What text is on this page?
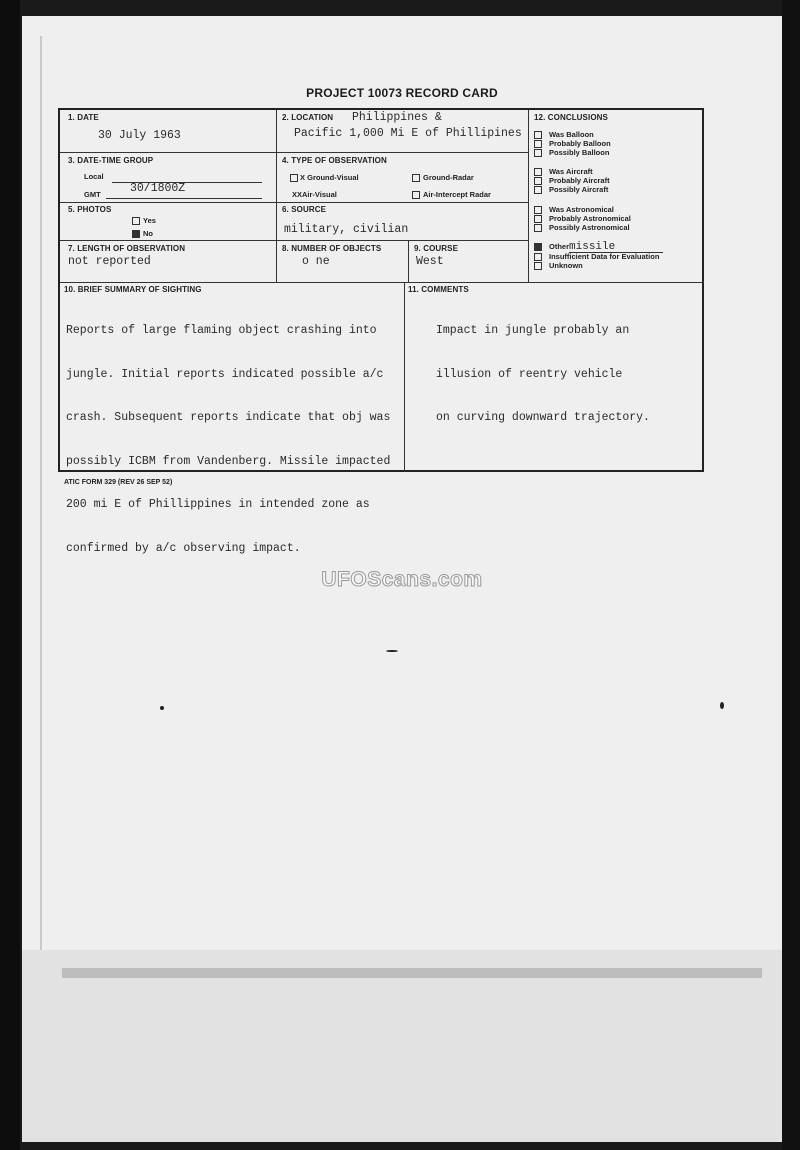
PROJECT 10073 RECORD CARD
1. DATE
30 July 1963
2. LOCATION Philippines &
Pacific 1,000 Mi E of Phillipines
3. DATE-TIME GROUP
Local
GMT	30/1800Z
4. TYPE OF OBSERVATION
X Ground-Visual	Ground-Radar
XXAir-Visual	Air-Intercept Radar
5. PHOTOS
Yes
No
6. SOURCE
military, civilian
7. LENGTH OF OBSERVATION
not reported
8. NUMBER OF OBJECTS
o ne
9. COURSE
West
12. CONCLUSIONS
Was Balloon
Probably Balloon
Possibly Balloon
Was Aircraft
Probably Aircraft
Possibly Aircraft
Was Astronomical
Probably Astronomical
Possibly Astronomical
Othermissile
Insufficient Data for Evaluation
Unknown
10. BRIEF SUMMARY OF SIGHTING

Reports of large flaming object crashing into

jungle. Initial reports indicated possible a/c

crash. Subsequent reports indicate that obj was

possibly ICBM from Vandenberg. Missile impacted

200 mi E of Phillippines in intended zone as

confirmed by a/c observing impact.

11. COMMENTS

Impact in jungle probably an

illusion of reentry vehicle

on curving downward trajectory.

ATIC FORM 329 (REV 26 SEP 52)
UFOScans.com
